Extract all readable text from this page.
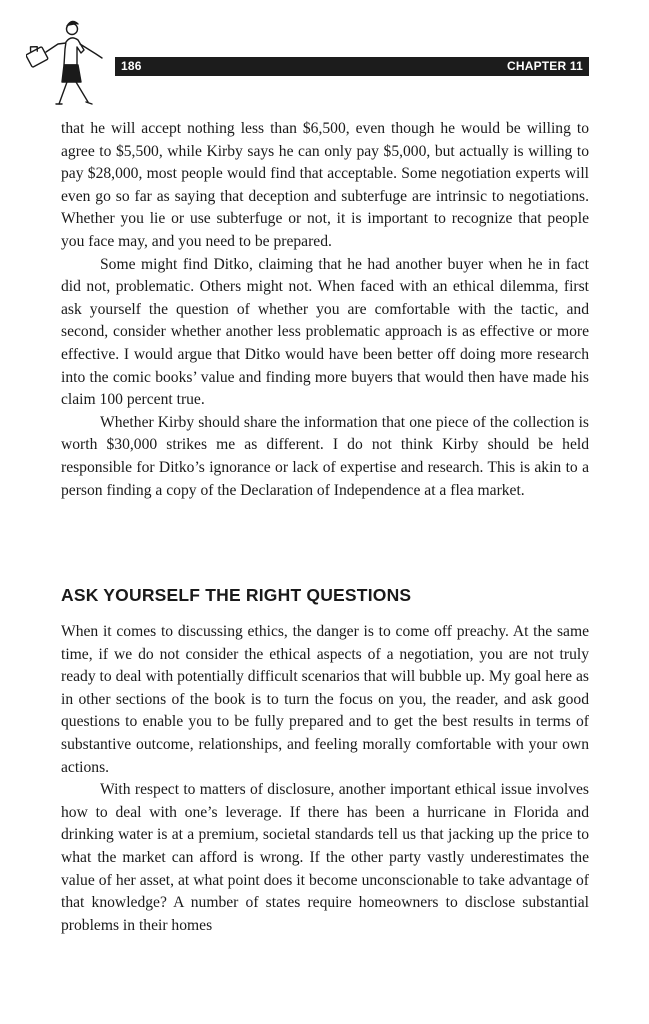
186	CHAPTER 11

that he will accept nothing less than $6,500, even though he would be willing to agree to $5,500, while Kirby says he can only pay $5,000, but actually is willing to pay $28,000, most people would find that acceptable. Some negotiation experts will even go so far as saying that deception and subterfuge are intrinsic to negotiations. Whether you lie or use subterfuge or not, it is important to recognize that people you face may, and you need to be prepared.

Some might find Ditko, claiming that he had another buyer when he in fact did not, problematic. Others might not. When faced with an ethical dilemma, first ask yourself the question of whether you are comfortable with the tactic, and second, consider whether another less problematic approach is as effective or more effective. I would argue that Ditko would have been better off doing more research into the comic books’ value and finding more buyers that would then have made his claim 100 percent true.

Whether Kirby should share the information that one piece of the collection is worth $30,000 strikes me as different. I do not think Kirby should be held responsible for Ditko’s ignorance or lack of expertise and research. This is akin to a person finding a copy of the Declaration of Independence at a flea market.

ASK YOURSELF THE RIGHT QUESTIONS

When it comes to discussing ethics, the danger is to come off preachy. At the same time, if we do not consider the ethical aspects of a negotiation, you are not truly ready to deal with potentially difficult scenarios that will bubble up. My goal here as in other sections of the book is to turn the focus on you, the reader, and ask good questions to enable you to be fully prepared and to get the best results in terms of substantive outcome, relationships, and feeling morally comfortable with your own actions.

With respect to matters of disclosure, another important ethical issue involves how to deal with one’s leverage. If there has been a hurricane in Florida and drinking water is at a premium, societal standards tell us that jacking up the price to what the market can afford is wrong. If the other party vastly underestimates the value of her asset, at what point does it become unconscionable to take advantage of that knowledge? A number of states require homeowners to disclose substantial problems in their homes
